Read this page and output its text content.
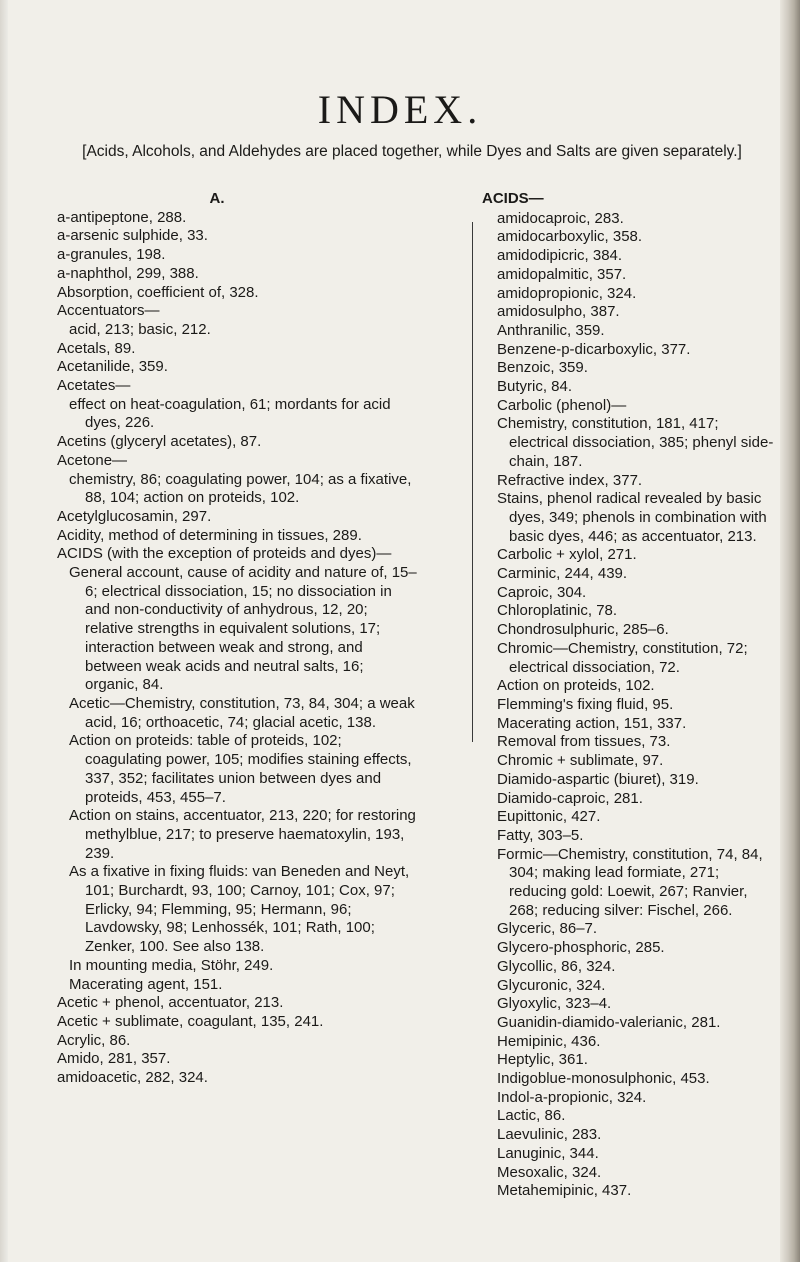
INDEX.
[Acids, Alcohols, and Aldehydes are placed together, while Dyes and Salts are given separately.]
A.

a-antipeptone, 288.

a-arsenic sulphide, 33.

a-granules, 198.

a-naphthol, 299, 388.

Absorption, coefficient of, 328.

Accentuators—

acid, 213; basic, 212.

Acetals, 89.

Acetanilide, 359.

Acetates—

effect on heat-coagulation, 61; mordants for acid dyes, 226.

Acetins (glyceryl acetates), 87.

Acetone—

chemistry, 86; coagulating power, 104; as a fixative, 88, 104; action on proteids, 102.

Acetylglucosamin, 297.

Acidity, method of determining in tissues, 289.

ACIDS (with the exception of proteids and dyes)—

General account, cause of acidity and nature of, 15–6; electrical dissociation, 15; no dissociation in and non-conductivity of anhydrous, 12, 20; relative strengths in equivalent solutions, 17; interaction between weak and strong, and between weak acids and neutral salts, 16; organic, 84.

Acetic—Chemistry, constitution, 73, 84, 304; a weak acid, 16; orthoacetic, 74; glacial acetic, 138.

Action on proteids: table of proteids, 102; coagulating power, 105; modifies staining effects, 337, 352; facilitates union between dyes and proteids, 453, 455–7.

Action on stains, accentuator, 213, 220; for restoring methylblue, 217; to preserve haematoxylin, 193, 239.

As a fixative in fixing fluids: van Beneden and Neyt, 101; Burchardt, 93, 100; Carnoy, 101; Cox, 97; Erlicky, 94; Flemming, 95; Hermann, 96; Lavdowsky, 98; Lenhossék, 101; Rath, 100; Zenker, 100. See also 138.

In mounting media, Stöhr, 249.

Macerating agent, 151.

Acetic + phenol, accentuator, 213.

Acetic + sublimate, coagulant, 135, 241.

Acrylic, 86.

Amido, 281, 357.

amidoacetic, 282, 324.

ACIDS—

amidocaproic, 283.

amidocarboxylic, 358.

amidodipicric, 384.

amidopalmitic, 357.

amidopropionic, 324.

amidosulpho, 387.

Anthranilic, 359.

Benzene-p-dicarboxylic, 377.

Benzoic, 359.

Butyric, 84.

Carbolic (phenol)—

Chemistry, constitution, 181, 417; electrical dissociation, 385; phenyl side-chain, 187.

Refractive index, 377.

Stains, phenol radical revealed by basic dyes, 349; phenols in combination with basic dyes, 446; as accentuator, 213.

Carbolic + xylol, 271.

Carminic, 244, 439.

Caproic, 304.

Chloroplatinic, 78.

Chondrosulphuric, 285–6.

Chromic—Chemistry, constitution, 72; electrical dissociation, 72.

Action on proteids, 102.

Flemming's fixing fluid, 95.

Macerating action, 151, 337.

Removal from tissues, 73.

Chromic + sublimate, 97.

Diamido-aspartic (biuret), 319.

Diamido-caproic, 281.

Eupittonic, 427.

Fatty, 303–5.

Formic—Chemistry, constitution, 74, 84, 304; making lead formiate, 271; reducing gold: Loewit, 267; Ranvier, 268; reducing silver: Fischel, 266.

Glyceric, 86–7.

Glycero-phosphoric, 285.

Glycollic, 86, 324.

Glycuronic, 324.

Glyoxylic, 323–4.

Guanidin-diamido-valerianic, 281.

Hemipinic, 436.

Heptylic, 361.

Indigoblue-monosulphonic, 453.

Indol-a-propionic, 324.

Lactic, 86.

Laevulinic, 283.

Lanuginic, 344.

Mesoxalic, 324.

Metahemipinic, 437.
